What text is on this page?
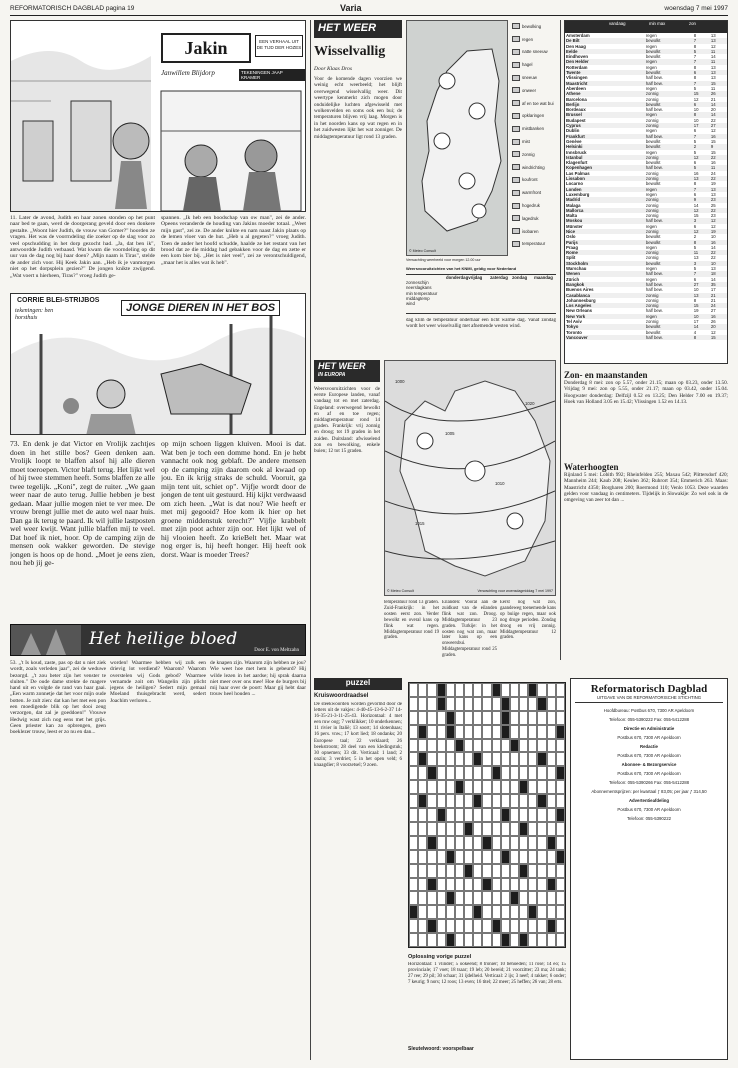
REFORMATORISCH DAGBLAD pagina 19	Varia	woensdag 7 mei 1997
Jakin	EEN VERHAAL UIT DE TIJD DER HOZES
Janwillem Blijdorp	TEKENINGEN JAAP KRAMER
11. Later de avond, Judith en haar zonen stonden op het punt naar bed te gaan, werd de doorgerang geveld door een donkere gestalte. „Woont hier Judith, de vrouw van Gomer?" hoorden ze vragen. Het was de voorrndeling die zoeker op de slag voor zo veel opschudding in het dorp gezocht had. „Ja, dat ben ik", antwoordde Judith verbaasd. Wat kwam die voorndeling op dit uur van de dag nog bij haar doen? „Mijn naam is Tiras", stelde de ander zich voor. Hij Keek Jakin aan. „Heb ik je vanmorgen niet op het dorpsplein gezien?" De jongen knikte zwijgend. „Wat voert u hierheen, Tiras?" vroeg Judith ge-
spannen. „Ik heb een boodschap van ow man", zei de ander. Opeens veranderde de houding van Jakins moeder totaal. „Weet mijn gast", zei ze. De ander knikte en nam naast Jakin plaats op de lemen vloer van de hut. „Heb u al gegeten?" vroeg Judith. Toen de ander het hoofd schudde, haalde ze het restant van het brood dat ze die middag had gebakken voor de dag en zette er een kom bier bij. „Het is niet veel", zei ze verontschuldigend, „maar het is alles wat ik heb".
CORRIE BLEI-STRIJBOS
tekeningen: ben horsthuis
JONGE DIEREN IN HET BOS
73. En denk je dat Victor en Vrolijk zachtjes doen in het stille bos? Geen denken aan. Vrolijk loopt te blaffen alsof hij alle dieren moet toeroepen. Victor blaft terug. Het lijkt wel of hij twee stemmen heeft. Soms blaffen ze alle twee tegelijk. „Koni", zegt de ruiter. „We gaan weer naar de auto terug. Jullie hebben je best gedaan. Maar jullie mogen niet te ver mee. De vrouw brengt jullie met de auto wel naar huis. Dan ga ik terug te paard. Ik wil jullie lastposten wel weer kwijt. Want jullie blaffen mij te veel. Dat hoef ik niet, hoor. Op de camping zijn de mensen ook wakker geworden. De stevige jongen is hoos op de hond. „Moet je eens zien, nou heb jij ge-
op mijn schoen liggen kluiven. Mooi is dat. Wat ben je toch een domme hond. En je hebt vannacht ook nog geblaft. De andere mensen op de camping zijn daarom ook al kwaad op jou. En ik krijg straks de schuld. Vooruit, ga mijn tent uit, schiet op". Vijfje wordt door de jongen de tent uit gestuurd. Hij kijkt verdwaasd om zich heen. „Wat is dat nou? Wie heeft er met mij gegooid? Hoe kom ik hier op het groene middenstuk terecht?" Vijfje krabbelt met zijn poot achter zijn oor. Het lijkt wel of hij vlooien heeft. Zo krieBelt het. Maar wat nog erger is, hij heeft honger. Hij heeft ook dorst. Waar is moeder Trees?
Het heilige bloed
Door E. von Meltzahn
53. „'t Is koud, zaste, pas op dat u niet ziek wordt, zoals verleden jaar", zei de weduwe bezorgd. „'t zou beter zijn het venster te sluiten." De oude dame strekte de magere hand uit en volgde de rand van haar gaai. „Een warm zonnetje dat het voor mijn oude botten. Je zult zien: dat kan het met een pon een moedigende blik op het dooi zeug verzorgen, dat zal je goeddoen!" Vrouwe Hedwig wast zich nog eens met het grijs. Geen priester kan zo opbrengen, geen boeklezer trouw, leest er zo nu en dan...
worden! Waarmee hebben wij zulk een drievig lot verdiend? Waarom? Waarom overstelen wij Gods gebod? Waarmee vernamde zoit om Wangelin zijn plicht jegens de heiligen? Sedert mijn gemaal Moeland thuisgebracht werd, sedert Joachim verloren...
de knapen zijn. Waarom zijn hebben ze jou? Wie weet hoe met hem is gebeurd? Hij wilde lezen in het aardse; hij sprak daarna niet meer over ons mee! Hoe de burgers bij mij haar over de poort: Maar gij hebt daar trouw heel houden ...
HET WEER
Wisselvallig
Door Klaas Dros
Voor de komende dagen voorzien we weinig echt weerbeeld; het blijft overwegend wisselvallig weer. Dit weertype kenmerkt zich mogen door onduidelijke luchten afgewisseld met wolkenvelden en soms ook een bui; de temperaturen blijven vrij laag. Morgen is in het noorden kans op wat regen en in het zuidwesten lijkt het wat zonniger. De middagtemperatuur ligt rond 13 graden.
© Meteo Consult
Verwachting weerbeeld voor morgen 12.00 uur
bewolking
regen
natte sneeuw
hagel
sneeuw
onweer
af en toe wat bui
opklaringen
mistbanken
mist
zonnig
windrichting
koufront
warmfront
hogedruk
lagedruk
isobaren
temperatuur
Weersvooruitzichten van het KNMI, geldig voor Nederland
donderdag vrijdag	zaterdag zondag	maandag
zonneschijn
neerslagkans
min temperatuur
middagtemp
wind
dag klim de temperatuur onderhaar een licht warme dag. Vanaf zondag wordt het weer wisselvallig met afnemende westen wind.
HET WEER
IN EUROPA
Weersvooruitzichten voor de eerste Europese landen, vanaf vandaag tot en met zaterdag. Engeland: overwegend bewolkt en af en toe regen; middagtemperatuur rond 14 graden. Frankrijk: vrij zonnig en droog; tot 19 graden in het zuiden. Duitsland: afwisselend zon en bewolking, enkele buien; 12 tot 15 graden.
1000
1005
1010
1015
1020
© Meteo Consult	Verwachting voor woensdagmiddag 7 mei 1997
temperatuur rond 13 graden. Zuid-Frankrijk: in het oosten eerst zon. Verder bewolkt en overal kans op flink wat regen. Middagtemperatuur rond 19 graden.
Eilanden: Vooral aan de zuidkust van de eilanden flink wat zon. Droog. Middagtemperatuur 23 graden. Turkije: in het oosten nog wat zon, maar later kans op een onweersbui. Middagtemperatuur rond 25 graden.
Eerst nog wat zon, gaandeweg toenemende kans op buiige regen, maar ook nog droge perioden. Zondag droog en vrij zonnig. Middagtemperatuur 12 graden.
puzzel
Kruiswoordraadsel
De steekwoorden worden gevormd door de letters uit de vakjes: 4-40-45-13-6-2-37 14-16-35-21-3-11-25-43. Horizontaal: 4 met een ruw oog; 7 verklikker; 10 onderkennen; 11 rivier in Italië; 13 soort; 14 slotenbaas; 16 pers. vnw.; 17 kort lied; 18 ondanks; 20 Europese taal; 22 verklaard; 26 beekstroom; 28 deel van een kledingstuk; 30 opnemen; 33 dit. Verticaal: 1 land; 2 onzin; 3 verdriet; 5 in het open veld; 6 knaagdier; 8 voorzetsel; 9 zoen.
Oplossing vorige puzzel
Horizontaal: 1 vlinder; 5 ookeend; 8 tronier; 10 behoeden; 11 rose; 14 eo; 15 provinciale; 17 voet; 18 tsaar; 19 leb; 20 bereid; 21 voorzitter; 23 ma; 24 tank; 27 ree; 29 pil; 30 schaar; 31 ijdelheid. Verticaal: 2 ijs; 3 neef; 4 rakker; 6 onder; 7 keurig; 9 nors; 12 roos; 13 even; 16 titel; 22 meer; 25 heffen; 26 van; 28 erts.
Sleutelwoord: voorspelbaar
vandaag	min max	zon
Amsterdam	regen	8	13
De Bilt	bewolkt	7	13
Den Haag	regen	8	12
Eelde	bewolkt	5	11
Eindhoven	bewolkt	7	14
Den Helder	regen	7	11
Rotterdam	regen	8	13
Twente	bewolkt	6	13
Vlissingen	half bew.	8	13
Maastricht	half bew.	7	15
Aberdeen	regen	5	11
Athene	zonnig	15	26
Barcelona	zonnig	12	21
Berlijn	bewolkt	6	14
Bordeaux	half bew.	10	20
Brussel	regen	8	14
Budapest	zonnig	10	22
Cyprus	zonnig	17	27
Dublin	regen	6	12
Frankfurt	half bew.	7	16
Genève	bewolkt	5	15
Helsinki	bewolkt	2	9
Innsbruck	regen	5	15
Istanbul	zonnig	12	22
Klagenfurt	bewolkt	6	16
Kopenhagen	half bew.	5	11
Las Palmas	zonnig	16	24
Lissabon	zonnig	13	22
Locarno	bewolkt	8	19
Londen	regen	7	13
Luxemburg	regen	6	13
Madrid	zonnig	9	23
Malaga	zonnig	14	25
Mallorca	zonnig	12	22
Malta	zonnig	15	23
Moskou	half bew.	3	12
Münster	regen	6	12
Nice	zonnig	12	19
Oslo	bewolkt	2	10
Parijs	bewolkt	8	16
Praag	regen	5	14
Rome	zonnig	11	22
Split	zonnig	13	22
Stockholm	bewolkt	3	10
Warschau	regen	5	13
Wenen	half bew.	7	18
Zürich	regen	6	14
Bangkok	half bew.	27	35
Buenos Aires	half bew.	10	17
Casablanca	zonnig	13	21
Johannesburg	zonnig	8	21
Los Angeles	zonnig	15	24
New Orleans	half bew.	19	27
New York	regen	10	16
Tel Aviv	zonnig	17	26
Tokyo	bewolkt	14	20
Toronto	bewolkt	4	12
Vancouver	half bew.	8	15
Zon- en maanstanden
Donderdag 8 mei: zon op 5.57, onder 21.15; maan op 03.23, onder 13.50. Vrijdag 9 mei: zon op 5.55, onder 21.17; maan op 03.42, onder 15.04. Hoogwater donderdag: Delfzijl 0.52 en 13.25; Den Helder 7.00 en 19.37; Hoek van Holland 3.05 en 15.42; Vlissingen 1.52 en 14.13.
Waterhoogten
Rijnland 5 mei: Lobith 992; Rheinfelden 255; Maxau 542; Plittersdorf 420; Mannheim 244; Kaub 208; Keulen 362; Ruhrort 354; Emmerich 263. Maas: Maastricht 4350; Borgharen 200; Roermond 110; Venlo 1053. Deze waarden gelden voor vandaag in centimeters. Tijdelijk in Slowakije: Zo wel ook in de omgeving van zeer tot dan ...
Reformatorisch Dagblad
UITGAVE VAN DE REFORMATORISCHE STICHTING
Hoofdbureau: Postbus 670, 7300 AR Apeldoorn
Telefoon: 055-5390222 Fax: 055-5412288
Directie en Administratie
Postbus 670, 7300 AR Apeldoorn
Redactie
Postbus 670, 7300 AR Apeldoorn
Abonnee- & Bezorgservice
Postbus 670, 7300 AR Apeldoorn
Telefoon: 055-5390266 Fax: 055-5412288
Abonnementsprijzen: per kwartaal ƒ 83,05; per jaar ƒ 314,50
Advertentieafdeling
Postbus 670, 7300 AR Apeldoorn
Telefoon: 055-5390222
